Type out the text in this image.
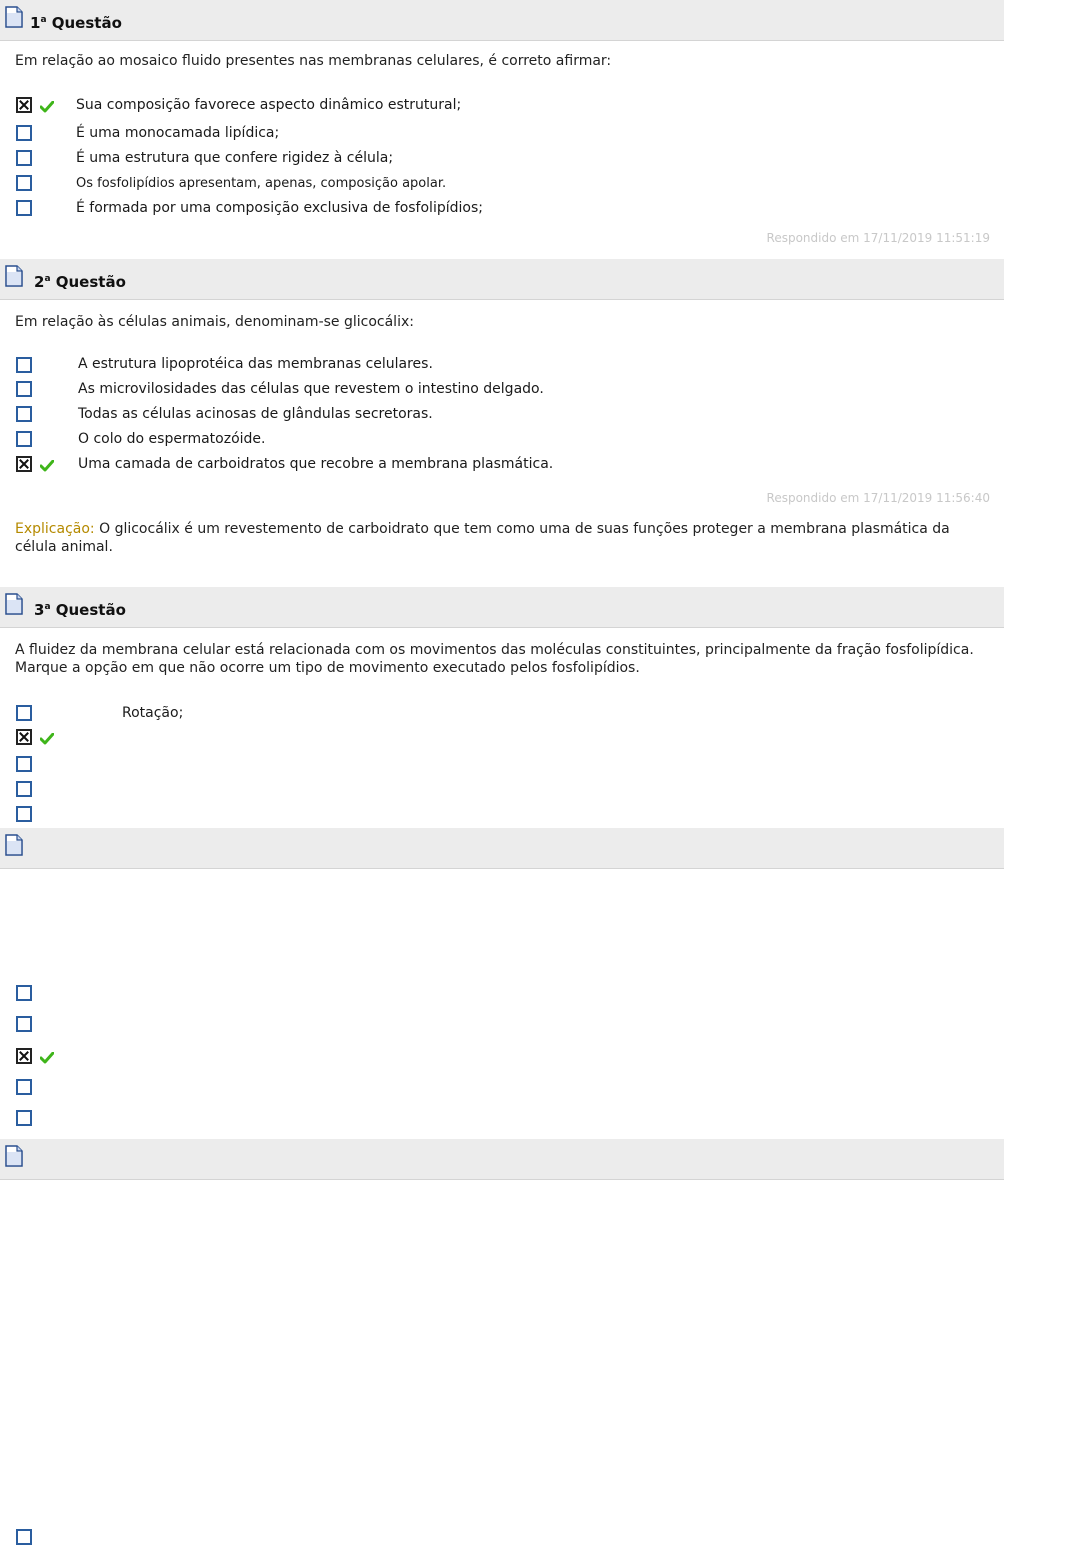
1$^a$ Questão
Em relação ao mosaico fluido presentes nas membranas celulares, é correto afirmar:
Sua composição favorece aspecto dinâmico estrutural;
É uma monocamada lipídica;
É uma estrutura que confere rigidez à célula;
Os fosfolipídios apresentam, apenas, composição apolar.
É formada por uma composição exclusiva de fosfolipídios;
Respondido em 17/11/2019 11:51:19
2$^a$ Questão
Em relação às células animais, denominam-se glicocálix:
A estrutura lipoprotéica das membranas celulares.
As microvilosidades das células que revestem o intestino delgado.
Todas as células acinosas de glândulas secretoras.
O colo do espermatozóide.
Uma camada de carboidratos que recobre a membrana plasmática.
Respondido em 17/11/2019 11:56:40
Explicação: O glicocálix é um revestemento de carboidrato que tem como uma de suas funções proteger a membrana plasmática da célula animal.
3$^a$ Questão
A fluidez da membrana celular está relacionada com os movimentos das moléculas constituintes, principalmente da fração fosfolipídica. Marque a opção em que não ocorre um tipo de movimento executado pelos fosfolipídios.
Rotação;
